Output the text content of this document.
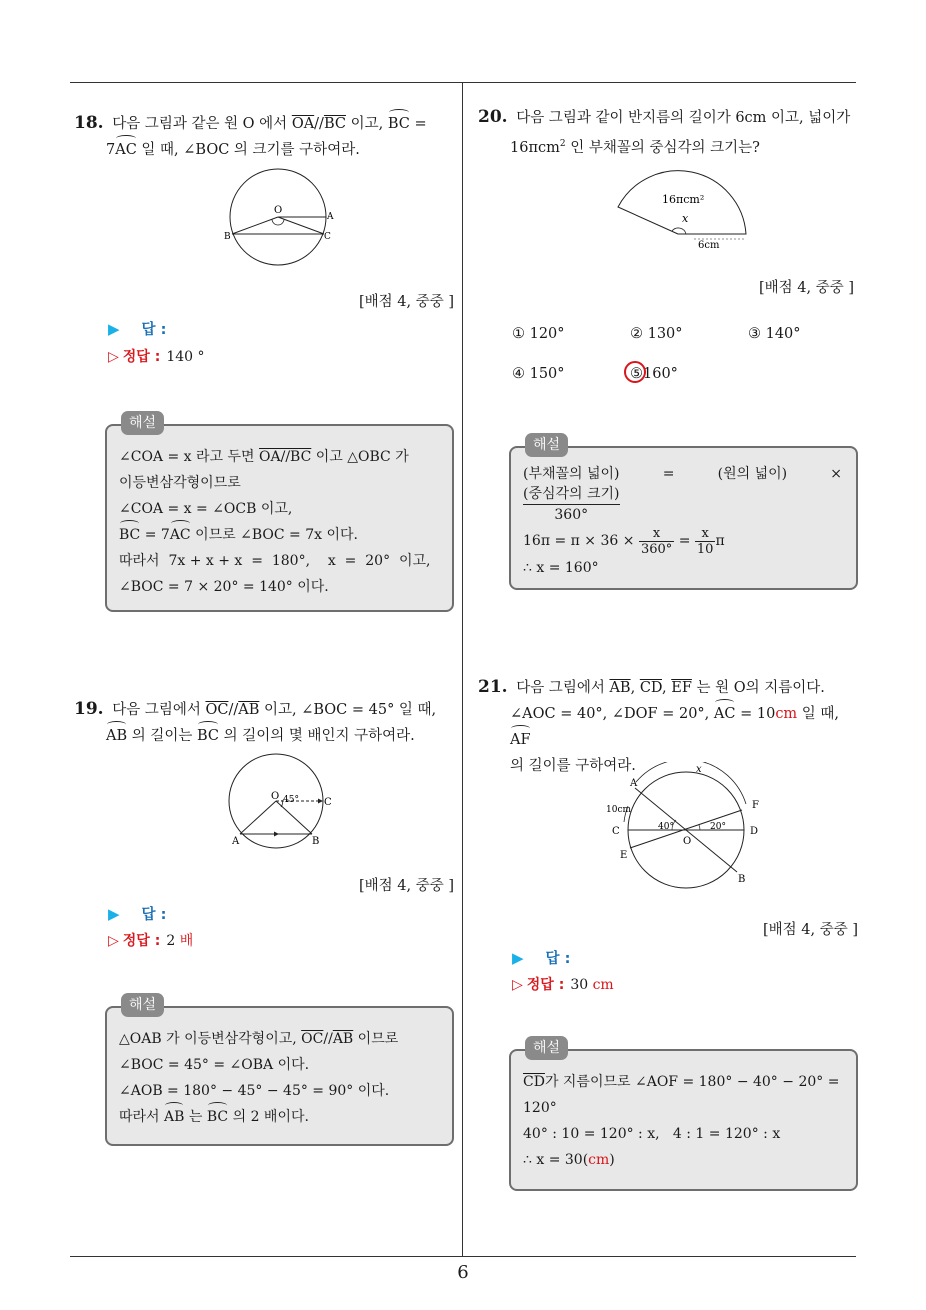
18. 다음 그림과 같은 원 O 에서 $\overline{OA}//\overline{BC}$ 이고, BC =
7AC 일 때, ∠BOC 의 크기를 구하여라.
O
A
B	C
[배점 4, 중중 ]
▶ 답 :
▷ 정답 : 140 °
해설
∠COA = x 라고 두면 OA//BC 이고 △OBC 가
이등변삼각형이므로
∠COA = x = ∠OCB 이고,
BC = 7AC 이므로 ∠BOC = 7x 이다.
따라서  7x + x + x  =  180°,    x  =  20°  이고,
∠BOC = 7 × 20° = 140° 이다.
19. 다음 그림에서 $\overline{OC}//\overline{AB}$ 이고, ∠BOC = 45° 일 때,
AB 의 길이는 BC 의 길이의 몇 배인지 구하여라.
O 45°	C
A	B
[배점 4, 중중 ]
▶ 답 :
▷ 정답 : 2 배
해설
△OAB 가 이등변삼각형이고, $\overline{OC}//\overline{AB}$ 이므로
∠BOC = 45° = ∠OBA 이다.
∠AOB = 180° − 45° − 45° = 90° 이다.
따라서 AB 는 BC 의 2 배이다.
20. 다음 그림과 같이 반지름의 길이가 6cm 이고, 넓이가
16πcm$^2$ 인 부채꼴의 중심각의 크기는?
16πcm²
x
6cm
[배점 4, 중중 ]
① 120°	② 130°	③ 140°
④ 150°	⑤160°
해설
(부채꼴의 넓이)	=	(원의 넓이)	×
(중심각의 크기)
360°
$16\pi = \pi \times 36 \times \frac{x}{360^\circ} = \frac{x}{10}$ π
∴ x = 160°
21. 다음 그림에서 $\overline{AB}$, $\overline{CD}$, $\overline{EF}$ 는 원 O의 지름이다.
∠AOC = 40°, ∠DOF = 20°, AC = 10cm 일 때, AF
의 길이를 구하여라.
A
B
C	D
E
F
O
10cm
40°	20°
x
[배점 4, 중중 ]
▶ 답 :
▷ 정답 : 30 cm
해설
$\overline{CD}$가 지름이므로 ∠AOF = 180° − 40° − 20° =
120°
40° : 10 = 120° : x,   4 : 1 = 120° : x
∴ x = 30(cm)
6
